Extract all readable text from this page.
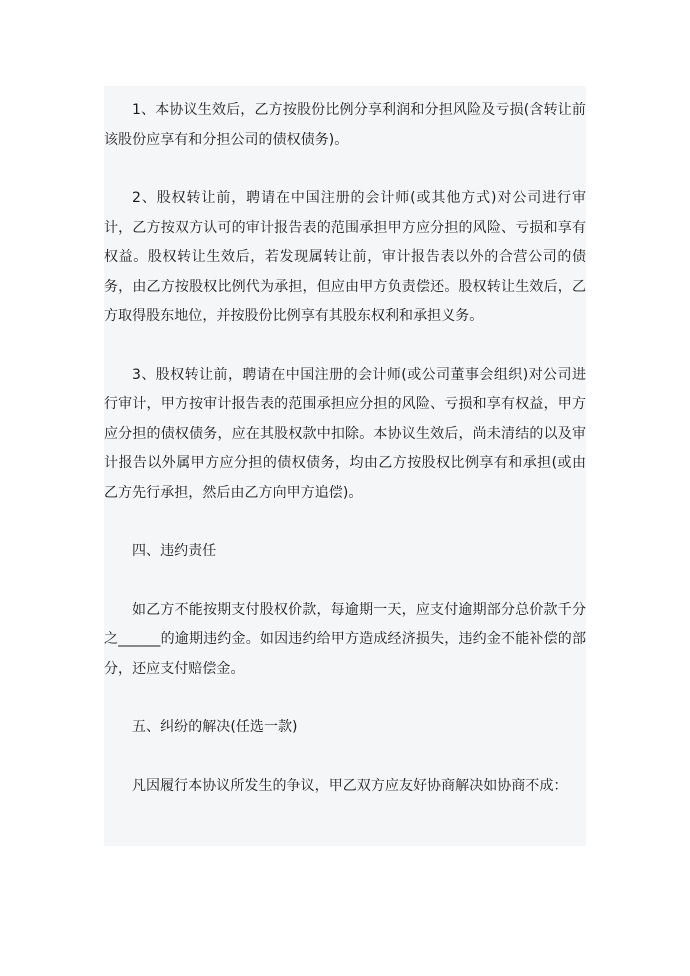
1、本协议生效后，乙方按股份比例分享利润和分担风险及亏损(含转让前该股份应享有和分担公司的债权债务)。

2、股权转让前，聘请在中国注册的会计师(或其他方式)对公司进行审计，乙方按双方认可的审计报告表的范围承担甲方应分担的风险、亏损和享有权益。股权转让生效后，若发现属转让前，审计报告表以外的合营公司的债务，由乙方按股权比例代为承担，但应由甲方负责偿还。股权转让生效后，乙方取得股东地位，并按股份比例享有其股东权利和承担义务。

3、股权转让前，聘请在中国注册的会计师(或公司董事会组织)对公司进行审计，甲方按审计报告表的范围承担应分担的风险、亏损和享有权益，甲方应分担的债权债务，应在其股权款中扣除。本协议生效后，尚未清结的以及审计报告以外属甲方应分担的债权债务，均由乙方按股权比例享有和承担(或由乙方先行承担，然后由乙方向甲方追偿)。

四、违约责任

如乙方不能按期支付股权价款，每逾期一天，应支付逾期部分总价款千分之______的逾期违约金。如因违约给甲方造成经济损失，违约金不能补偿的部分，还应支付赔偿金。

五、纠纷的解决(任选一款)

凡因履行本协议所发生的争议，甲乙双方应友好协商解决如协商不成：
